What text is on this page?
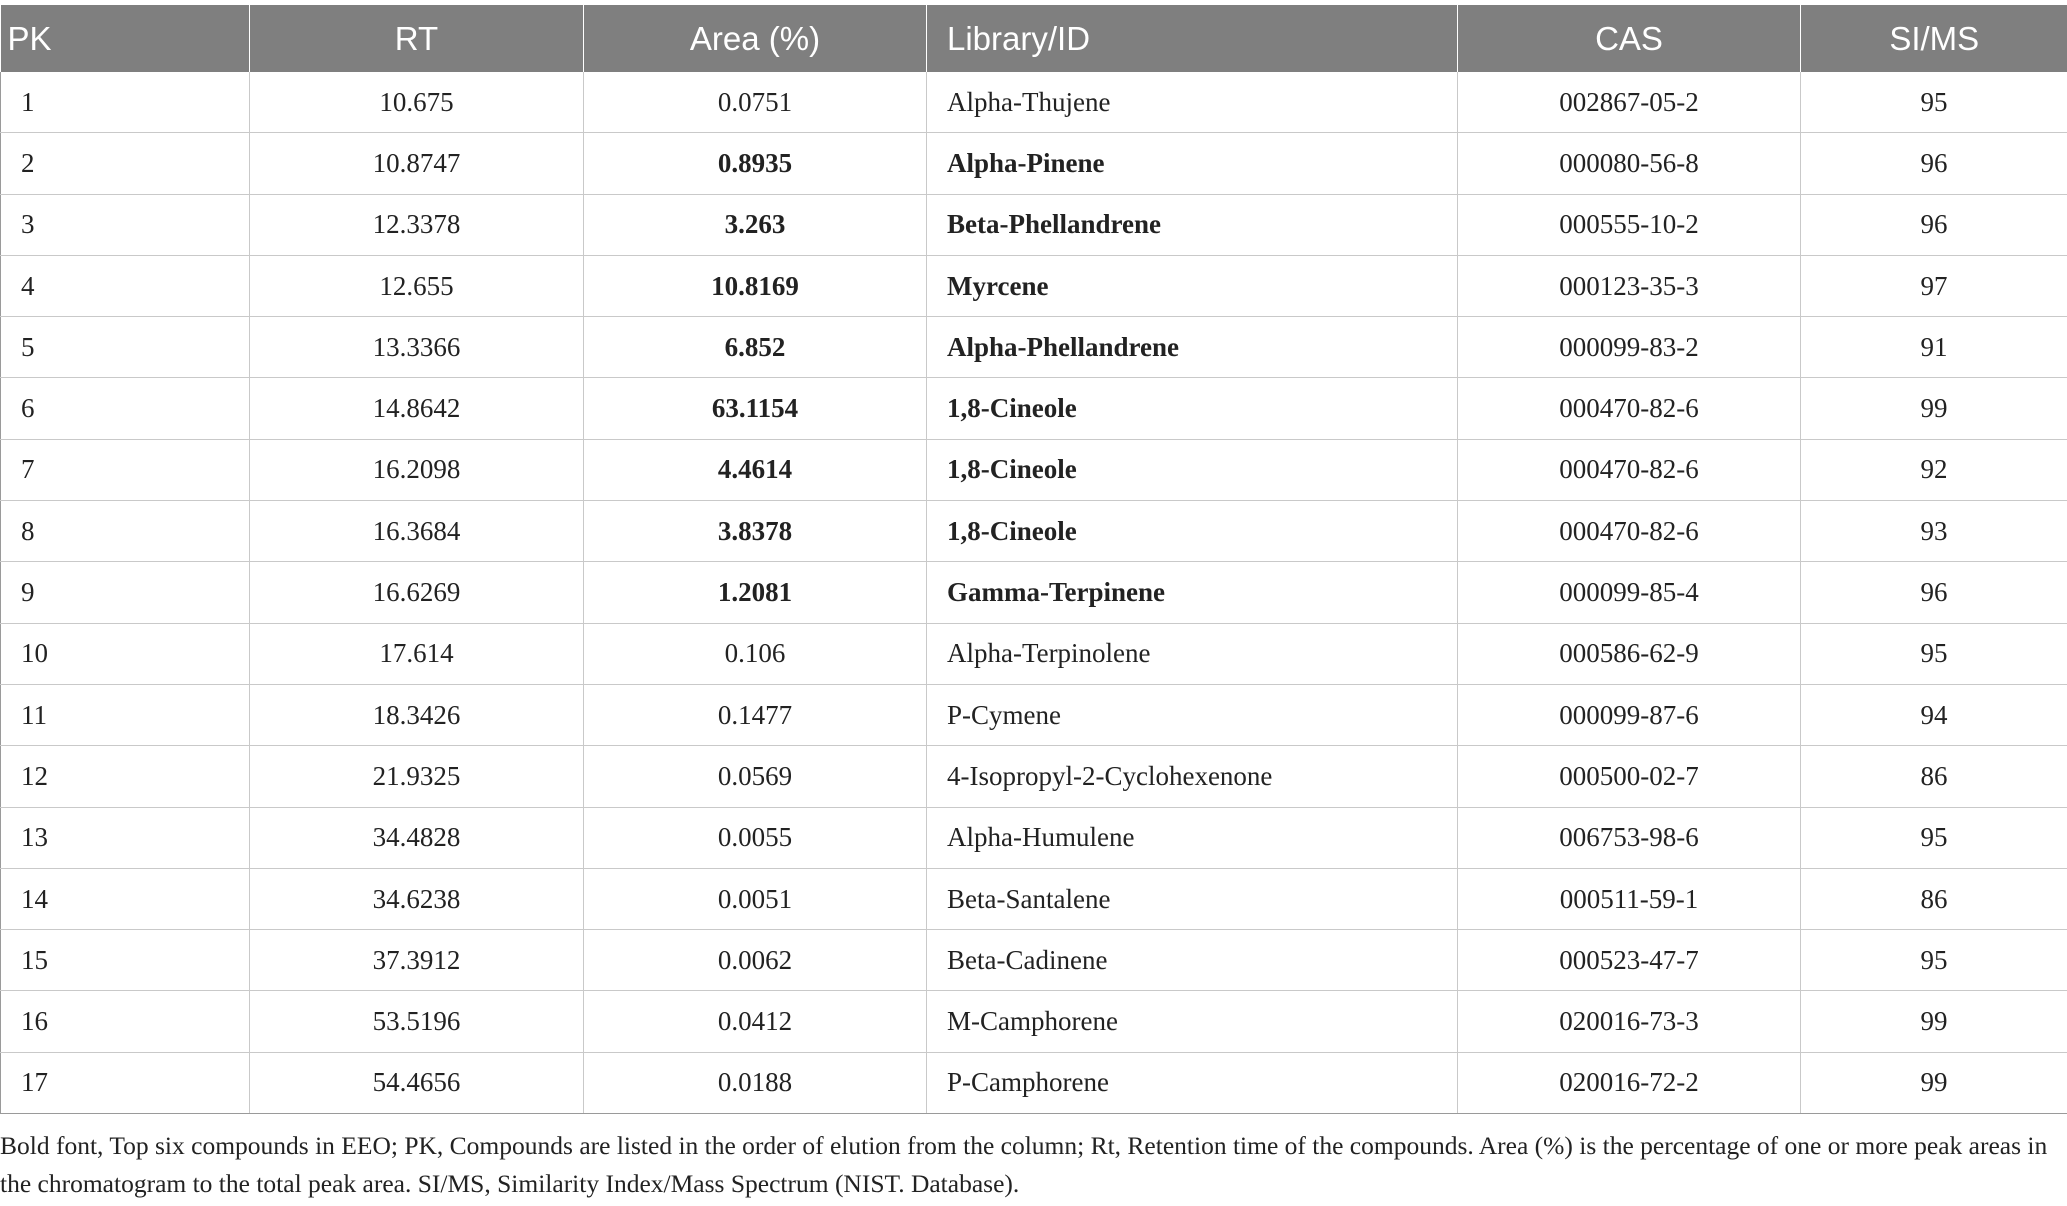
PK	RT	Area (%)	Library/ID	CAS	SI/MS
1	10.675	0.0751	Alpha-Thujene	002867-05-2	95
2	10.8747	0.8935	Alpha-Pinene	000080-56-8	96
3	12.3378	3.263	Beta-Phellandrene	000555-10-2	96
4	12.655	10.8169	Myrcene	000123-35-3	97
5	13.3366	6.852	Alpha-Phellandrene	000099-83-2	91
6	14.8642	63.1154	1,8-Cineole	000470-82-6	99
7	16.2098	4.4614	1,8-Cineole	000470-82-6	92
8	16.3684	3.8378	1,8-Cineole	000470-82-6	93
9	16.6269	1.2081	Gamma-Terpinene	000099-85-4	96
10	17.614	0.106	Alpha-Terpinolene	000586-62-9	95
11	18.3426	0.1477	P-Cymene	000099-87-6	94
12	21.9325	0.0569	4-Isopropyl-2-Cyclohexenone	000500-02-7	86
13	34.4828	0.0055	Alpha-Humulene	006753-98-6	95
14	34.6238	0.0051	Beta-Santalene	000511-59-1	86
15	37.3912	0.0062	Beta-Cadinene	000523-47-7	95
16	53.5196	0.0412	M-Camphorene	020016-73-3	99
17	54.4656	0.0188	P-Camphorene	020016-72-2	99
Bold font, Top six compounds in EEO; PK, Compounds are listed in the order of elution from the column; Rt, Retention time of the compounds. Area (%) is the percentage of one or more peak areas in the chromatogram to the total peak area. SI/MS, Similarity Index/Mass Spectrum (NIST. Database).
